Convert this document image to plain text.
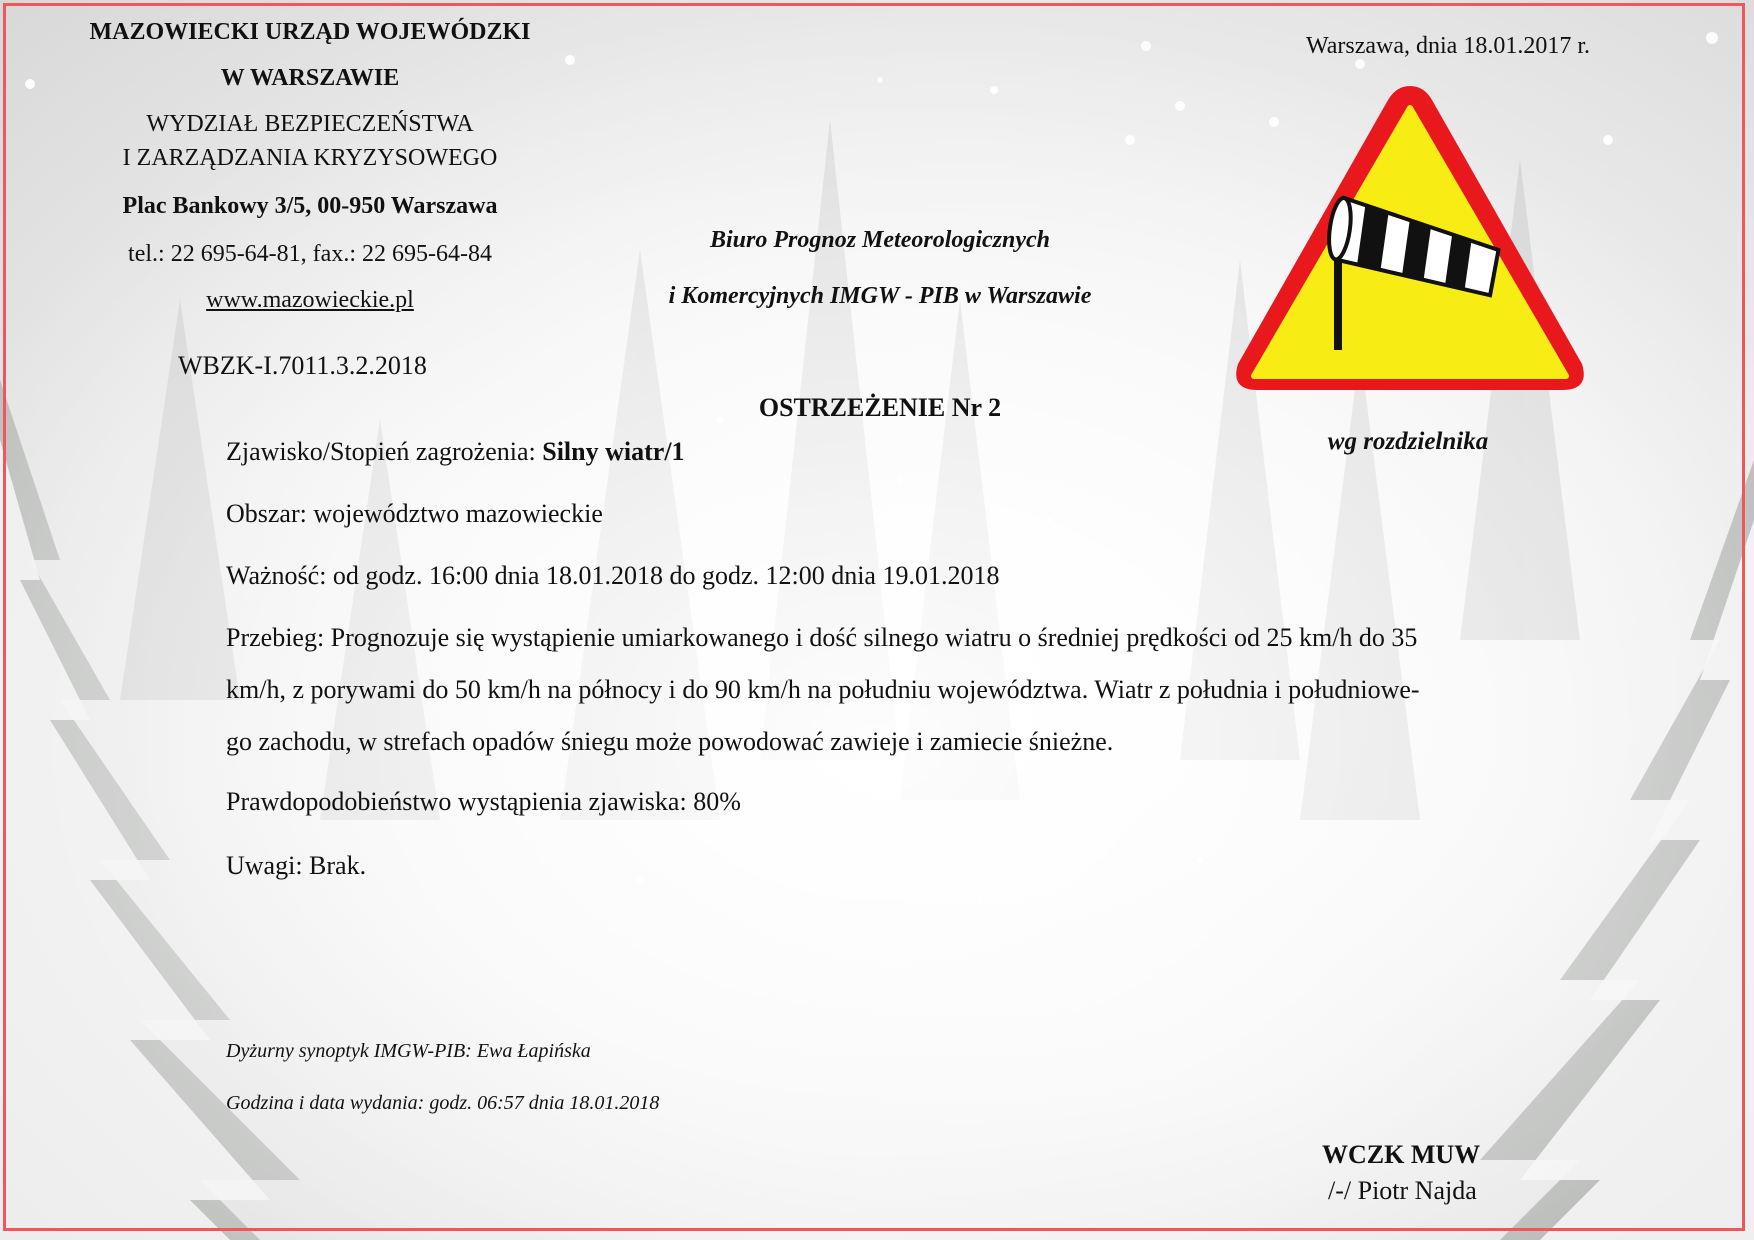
MAZOWIECKI URZĄD WOJEWÓDZKI
W WARSZAWIE
WYDZIAŁ BEZPIECZEŃSTWA
I ZARZĄDZANIA KRYZYSOWEGO
Plac Bankowy 3/5, 00-950 Warszawa
tel.: 22 695-64-81, fax.: 22 695-64-84
www.mazowieckie.pl
WBZK-I.7011.3.2.2018
Warszawa, dnia 18.01.2017 r.
Biuro Prognoz Meteorologicznych
i Komercyjnych IMGW - PIB w Warszawie
wg rozdzielnika
OSTRZEŻENIE Nr 2
Zjawisko/Stopień zagrożenia: Silny wiatr/1
Obszar: województwo mazowieckie
Ważność: od godz. 16:00 dnia 18.01.2018 do godz. 12:00 dnia 19.01.2018
Przebieg: Prognozuje się wystąpienie umiarkowanego i dość silnego wiatru o średniej prędkości od 25 km/h do 35
km/h, z porywami do 50 km/h na północy i do 90 km/h na południu województwa. Wiatr z południa i południowe-
go zachodu, w strefach opadów śniegu może powodować zawieje i zamiecie śnieżne.
Prawdopodobieństwo wystąpienia zjawiska: 80%
Uwagi: Brak.
Dyżurny synoptyk IMGW-PIB: Ewa Łapińska
Godzina i data wydania: godz. 06:57 dnia 18.01.2018
WCZK MUW
/-/ Piotr Najda
